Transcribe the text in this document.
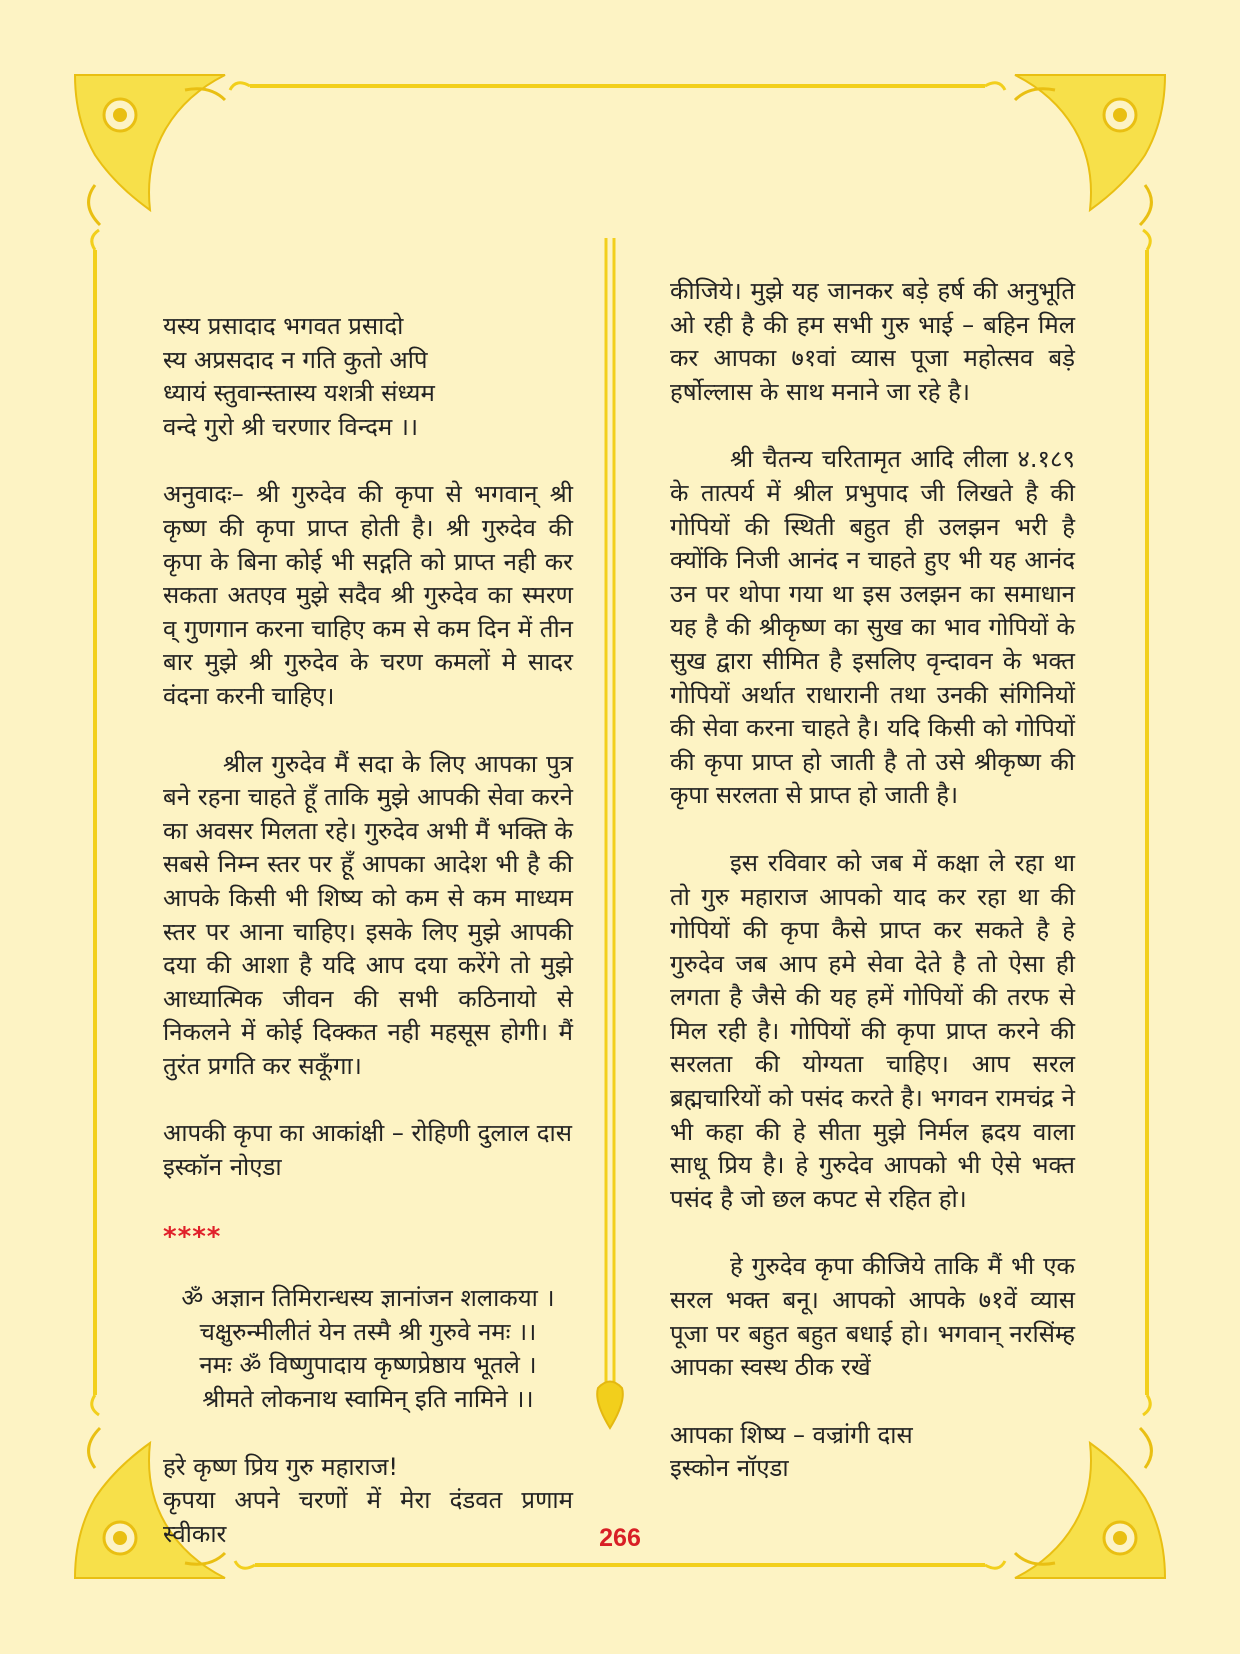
यस्य प्रसादाद भगवत प्रसादो

स्य अप्रसदाद न गति कुतो अपि

ध्यायं स्तुवान्स्तास्य यशत्री संध्यम

वन्दे गुरो श्री चरणार विन्दम ।।

अनुवादः– श्री गुरुदेव की कृपा से भगवान् श्री कृष्ण की कृपा प्राप्त होती है। श्री गुरुदेव की कृपा के बिना कोई भी सद्गति को प्राप्त नही कर सकता अतएव मुझे सदैव श्री गुरुदेव का स्मरण व् गुणगान करना चाहिए कम से कम दिन में तीन बार मुझे श्री गुरुदेव के चरण कमलों मे सादर वंदना करनी चाहिए।

श्रील गुरुदेव मैं सदा के लिए आपका पुत्र बने रहना चाहते हूँ ताकि मुझे आपकी सेवा करने का अवसर मिलता रहे। गुरुदेव अभी मैं भक्ति के सबसे निम्न स्तर पर हूँ आपका आदेश भी है की आपके किसी भी शिष्य को कम से कम माध्यम स्तर पर आना चाहिए। इसके लिए मुझे आपकी दया की आशा है यदि आप दया करेंगे तो मुझे आध्यात्मिक जीवन की सभी कठिनायो से निकलने में कोई दिक्कत नही महसूस होगी। मैं तुरंत प्रगति कर सकूँगा।

आपकी कृपा का आकांक्षी – रोहिणी दुलाल दास

इस्कॉन नोएडा

****

ॐ अज्ञान तिमिरान्धस्य ज्ञानांजन शलाकया ।

चक्षुरुन्मीलीतं येन तस्मै श्री गुरुवे नमः ।।

नमः ॐ विष्णुपादाय कृष्णप्रेष्ठाय भूतले ।

श्रीमते लोकनाथ स्वामिन् इति नामिने ।।

हरे कृष्ण प्रिय गुरु महाराज!

कृपया अपने चरणों में मेरा दंडवत प्रणाम स्वीकार

कीजिये। मुझे यह जानकर बड़े हर्ष की अनुभूति ओ रही है की हम सभी गुरु भाई – बहिन मिल कर आपका ७१वां व्यास पूजा महोत्सव बड़े हर्षोल्लास के साथ मनाने जा रहे है।

श्री चैतन्य चरितामृत आदि लीला ४.१८९ के तात्पर्य में श्रील प्रभुपाद जी लिखते है की गोपियों की स्थिती बहुत ही उलझन भरी है क्योंकि निजी आनंद न चाहते हुए भी यह आनंद उन पर थोपा गया था इस उलझन का समाधान यह है की श्रीकृष्ण का सुख का भाव गोपियों के सुख द्वारा सीमित है इसलिए वृन्दावन के भक्त गोपियों अर्थात राधारानी तथा उनकी संगिनियों की सेवा करना चाहते है। यदि किसी को गोपियों की कृपा प्राप्त हो जाती है तो उसे श्रीकृष्ण की कृपा सरलता से प्राप्त हो जाती है।

इस रविवार को जब में कक्षा ले रहा था तो गुरु महाराज आपको याद कर रहा था की गोपियों की कृपा कैसे प्राप्त कर सकते है हे गुरुदेव जब आप हमे सेवा देते है तो ऐसा ही लगता है जैसे की यह हमें गोपियों की तरफ से मिल रही है। गोपियों की कृपा प्राप्त करने की सरलता की योग्यता चाहिए। आप सरल ब्रह्मचारियों को पसंद करते है। भगवन रामचंद्र ने भी कहा की हे सीता मुझे निर्मल ह्रदय वाला साधू प्रिय है। हे गुरुदेव आपको भी ऐसे भक्त पसंद है जो छल कपट से रहित हो।

हे गुरुदेव कृपा कीजिये ताकि मैं भी एक सरल भक्त बनू। आपको आपके ७१वें व्यास पूजा पर बहुत बहुत बधाई हो। भगवान् नरसिंम्ह आपका स्वस्थ ठीक रखें

आपका शिष्य – वज्रांगी दास

इस्कोन नॉएडा

266
